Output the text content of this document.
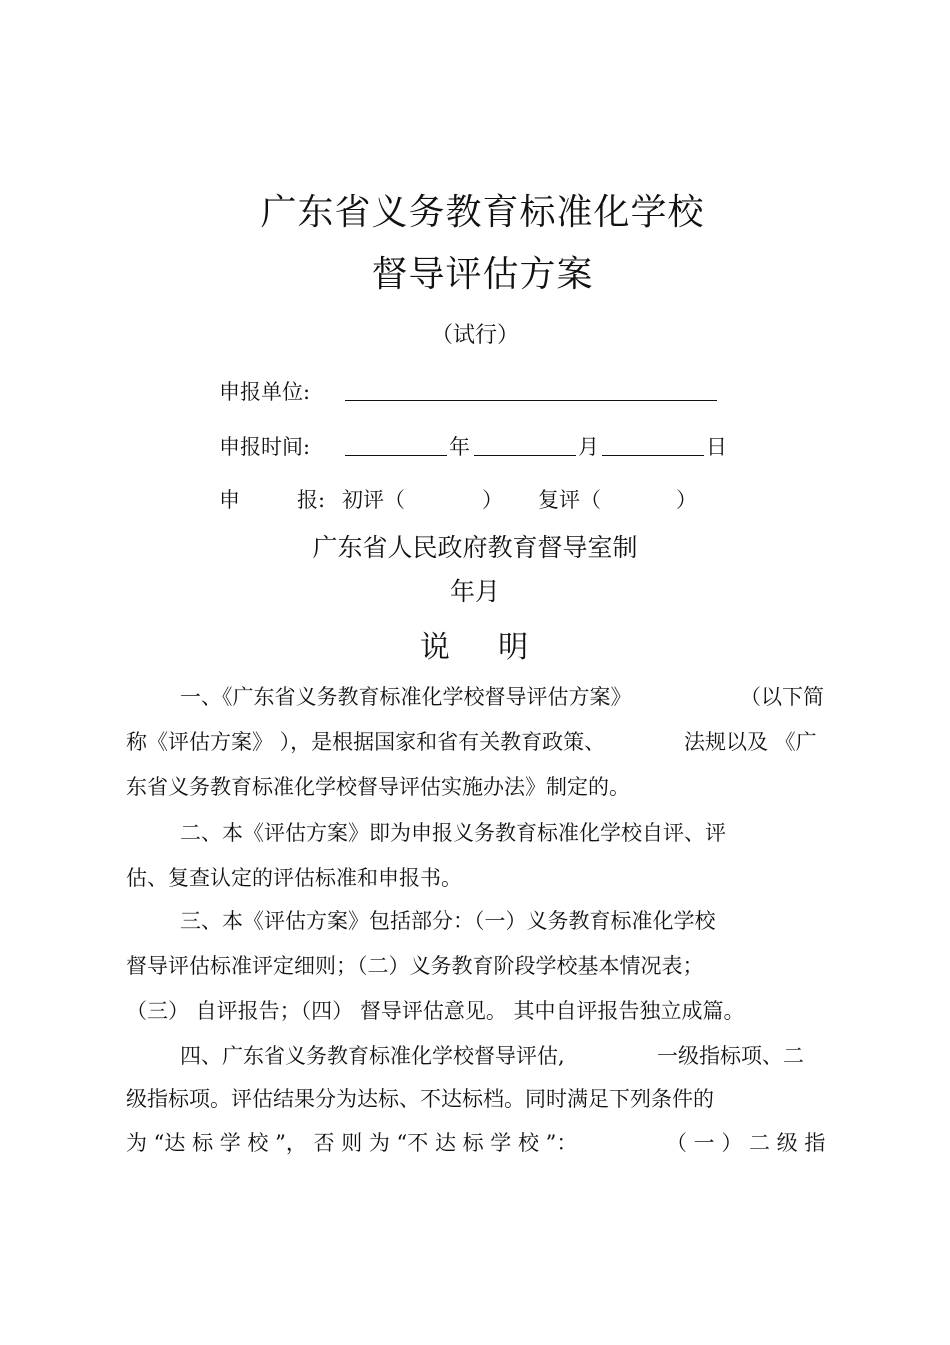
广东省义务教育标准化学校
督导评估方案
（试行）
申报单位:
申报时间:	年	月	日
申	报: 初评（	） 复评（	）
广东省人民政府教育督导室制
年月
说    明
一、《广东省义务教育标准化学校督导评估方案》	（以下简
称《评估方案》 ），是根据国家和省有关教育政策、	法规以及 《广
东省义务教育标准化学校督导评估实施办法》制定的。
二、本《评估方案》即为申报义务教育标准化学校自评、评
估、复查认定的评估标准和申报书。
三、本《评估方案》包括部分：（一）义务教育标准化学校
督导评估标准评定细则；（二）义务教育阶段学校基本情况表；
（三） 自评报告；（四） 督导评估意见。 其中自评报告独立成篇。
四、广东省义务教育标准化学校督导评估,	一级指标项、二
级指标项。评估结果分为达标、不达标档。同时满足下列条件的
为 “达 标 学 校 ”， 否 则 为 “不 达 标 学 校 ”：	（ 一 ） 二 级 指
